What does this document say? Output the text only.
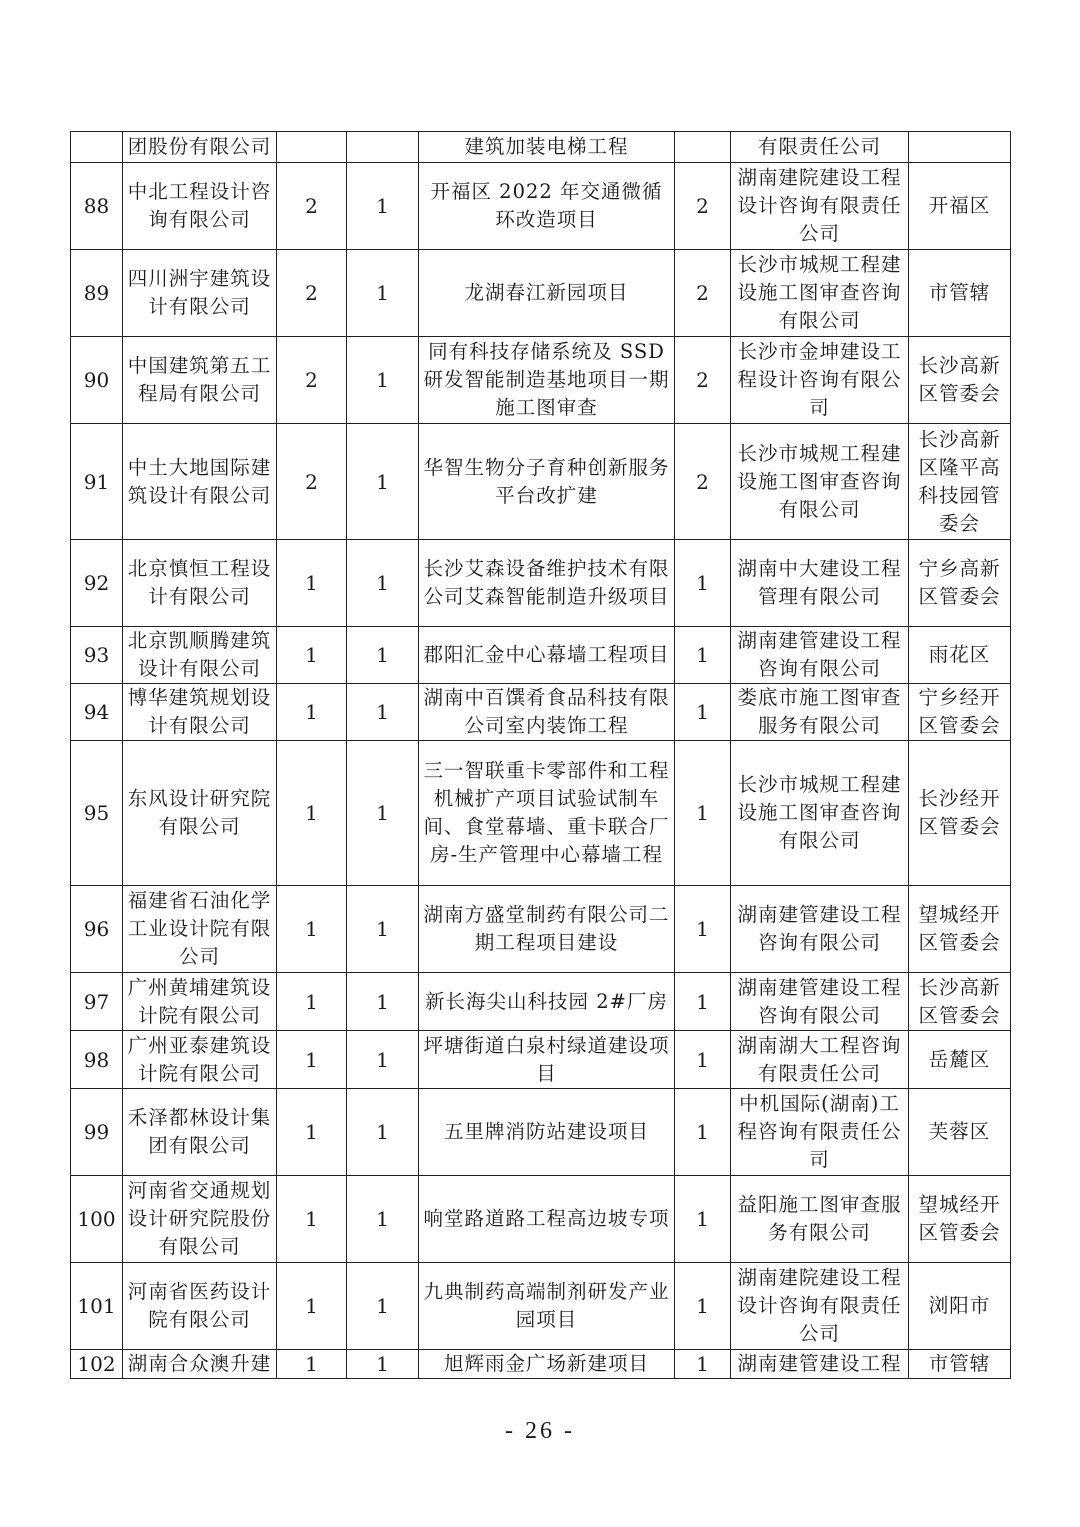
	团股份有限公司			建筑加装电梯工程		有限责任公司	
88	中北工程设计咨询有限公司	2	1	开福区 2022 年交通微循环改造项目	2	湖南建院建设工程设计咨询有限责任公司	开福区
89	四川洲宇建筑设计有限公司	2	1	龙湖春江新园项目	2	长沙市城规工程建设施工图审查咨询有限公司	市管辖
90	中国建筑第五工程局有限公司	2	1	同有科技存储系统及 SSD 研发智能制造基地项目一期施工图审查	2	长沙市金坤建设工程设计咨询有限公司	长沙高新区管委会
91	中土大地国际建筑设计有限公司	2	1	华智生物分子育种创新服务平台改扩建	2	长沙市城规工程建设施工图审查咨询有限公司	长沙高新区隆平高科技园管委会
92	北京慎恒工程设计有限公司	1	1	长沙艾森设备维护技术有限公司艾森智能制造升级项目	1	湖南中大建设工程管理有限公司	宁乡高新区管委会
93	北京凯顺腾建筑设计有限公司	1	1	郡阳汇金中心幕墙工程项目	1	湖南建管建设工程咨询有限公司	雨花区
94	博华建筑规划设计有限公司	1	1	湖南中百馔肴食品科技有限公司室内装饰工程	1	娄底市施工图审查服务有限公司	宁乡经开区管委会
95	东风设计研究院有限公司	1	1	三一智联重卡零部件和工程机械扩产项目试验试制车间、食堂幕墙、重卡联合厂房-生产管理中心幕墙工程	1	长沙市城规工程建设施工图审查咨询有限公司	长沙经开区管委会
96	福建省石油化学工业设计院有限公司	1	1	湖南方盛堂制药有限公司二期工程项目建设	1	湖南建管建设工程咨询有限公司	望城经开区管委会
97	广州黄埔建筑设计院有限公司	1	1	新长海尖山科技园 2#厂房	1	湖南建管建设工程咨询有限公司	长沙高新区管委会
98	广州亚泰建筑设计院有限公司	1	1	坪塘街道白泉村绿道建设项目	1	湖南湖大工程咨询有限责任公司	岳麓区
99	禾泽都林设计集团有限公司	1	1	五里牌消防站建设项目	1	中机国际(湖南)工程咨询有限责任公司	芙蓉区
100	河南省交通规划设计研究院股份有限公司	1	1	响堂路道路工程高边坡专项	1	益阳施工图审查服务有限公司	望城经开区管委会
101	河南省医药设计院有限公司	1	1	九典制药高端制剂研发产业园项目	1	湖南建院建设工程设计咨询有限责任公司	浏阳市
102	湖南合众澳升建	1	1	旭辉雨金广场新建项目	1	湖南建管建设工程	市管辖
- 26 -
